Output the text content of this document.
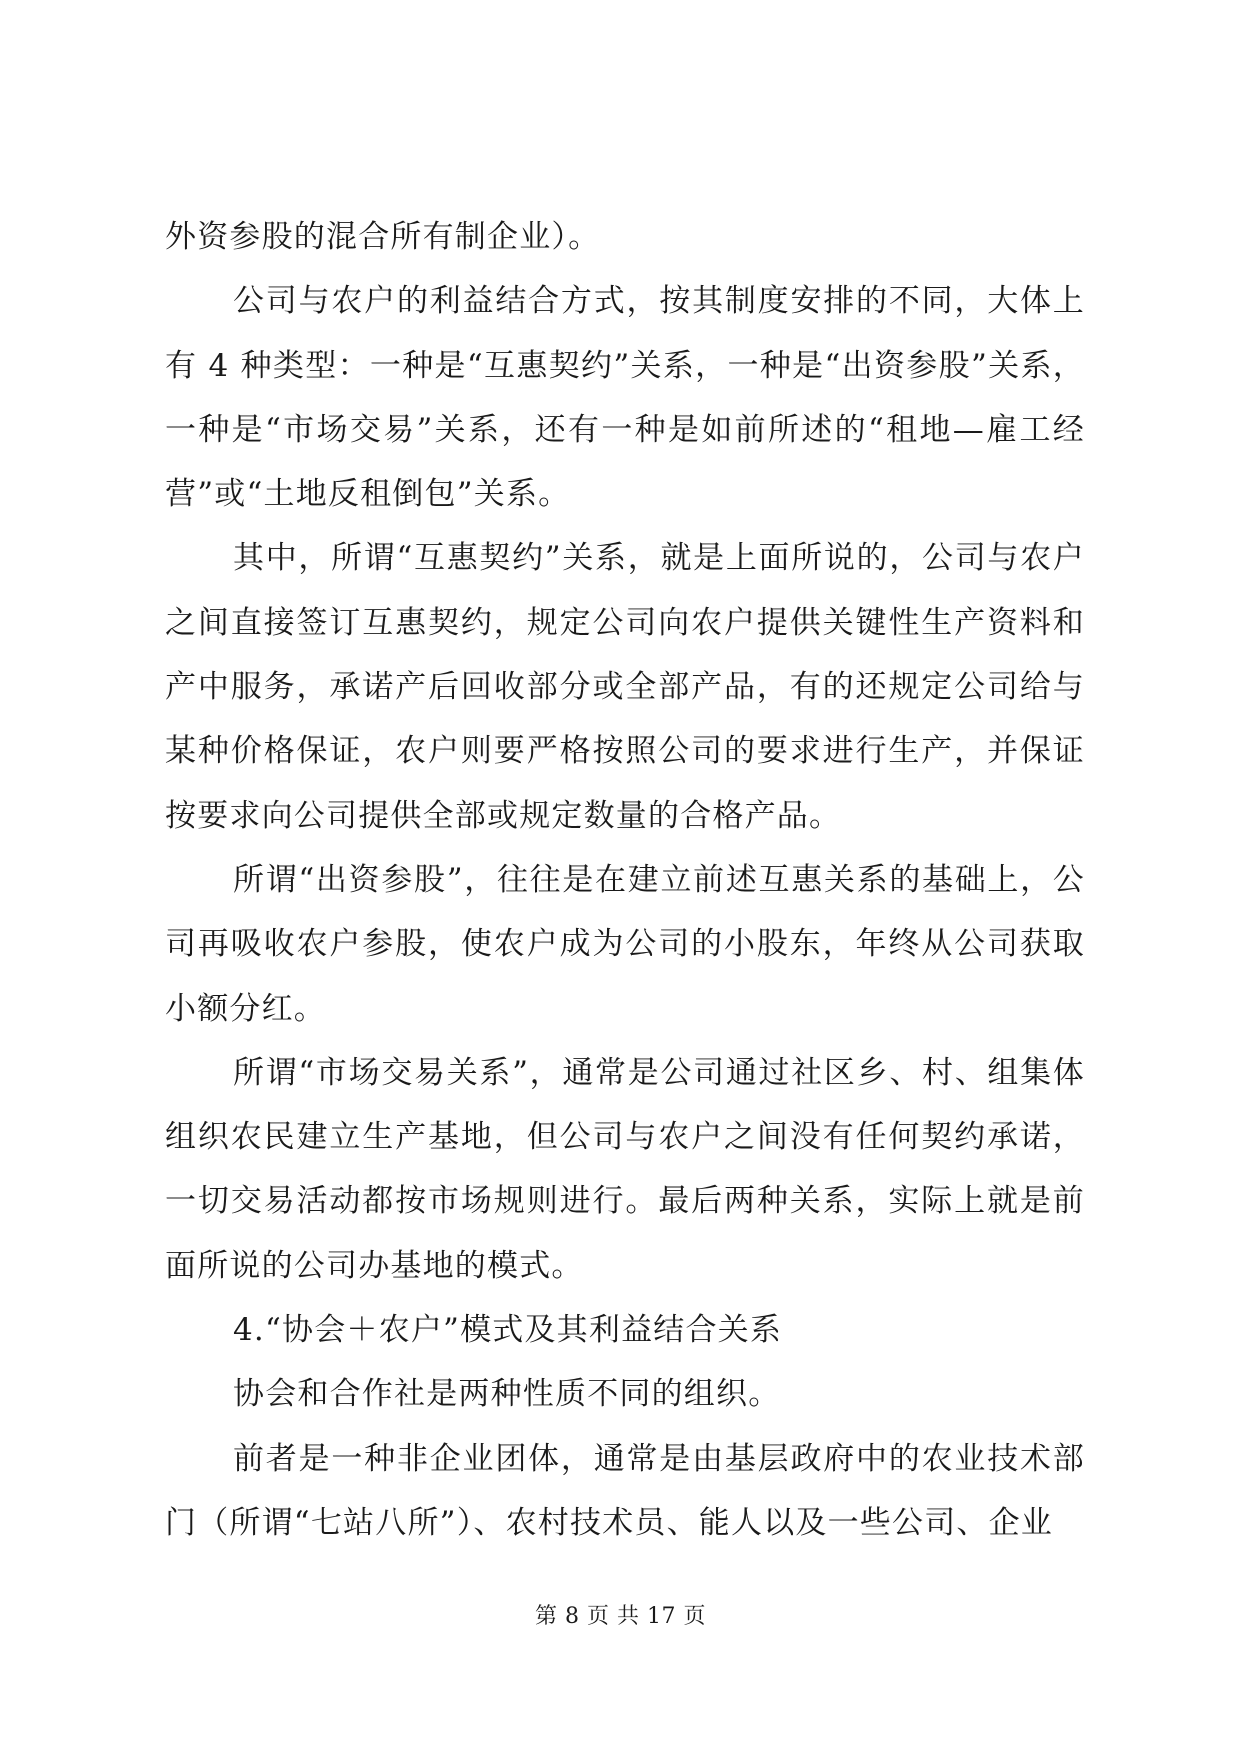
外资参股的混合所有制企业）。

公司与农户的利益结合方式，按其制度安排的不同，大体上有 4 种类型：一种是“互惠契约”关系，一种是“出资参股”关系，一种是“市场交易”关系，还有一种是如前所述的“租地—雇工经营”或“土地反租倒包”关系。

其中，所谓“互惠契约”关系，就是上面所说的，公司与农户之间直接签订互惠契约，规定公司向农户提供关键性生产资料和产中服务，承诺产后回收部分或全部产品，有的还规定公司给与某种价格保证，农户则要严格按照公司的要求进行生产，并保证按要求向公司提供全部或规定数量的合格产品。

所谓“出资参股”，往往是在建立前述互惠关系的基础上，公司再吸收农户参股，使农户成为公司的小股东，年终从公司获取小额分红。

所谓“市场交易关系”，通常是公司通过社区乡、村、组集体组织农民建立生产基地，但公司与农户之间没有任何契约承诺，一切交易活动都按市场规则进行。最后两种关系，实际上就是前面所说的公司办基地的模式。

4.“协会＋农户”模式及其利益结合关系

协会和合作社是两种性质不同的组织。

前者是一种非企业团体，通常是由基层政府中的农业技术部门（所谓“七站八所”）、农村技术员、能人以及一些公司、企业

第 8 页 共 17 页
